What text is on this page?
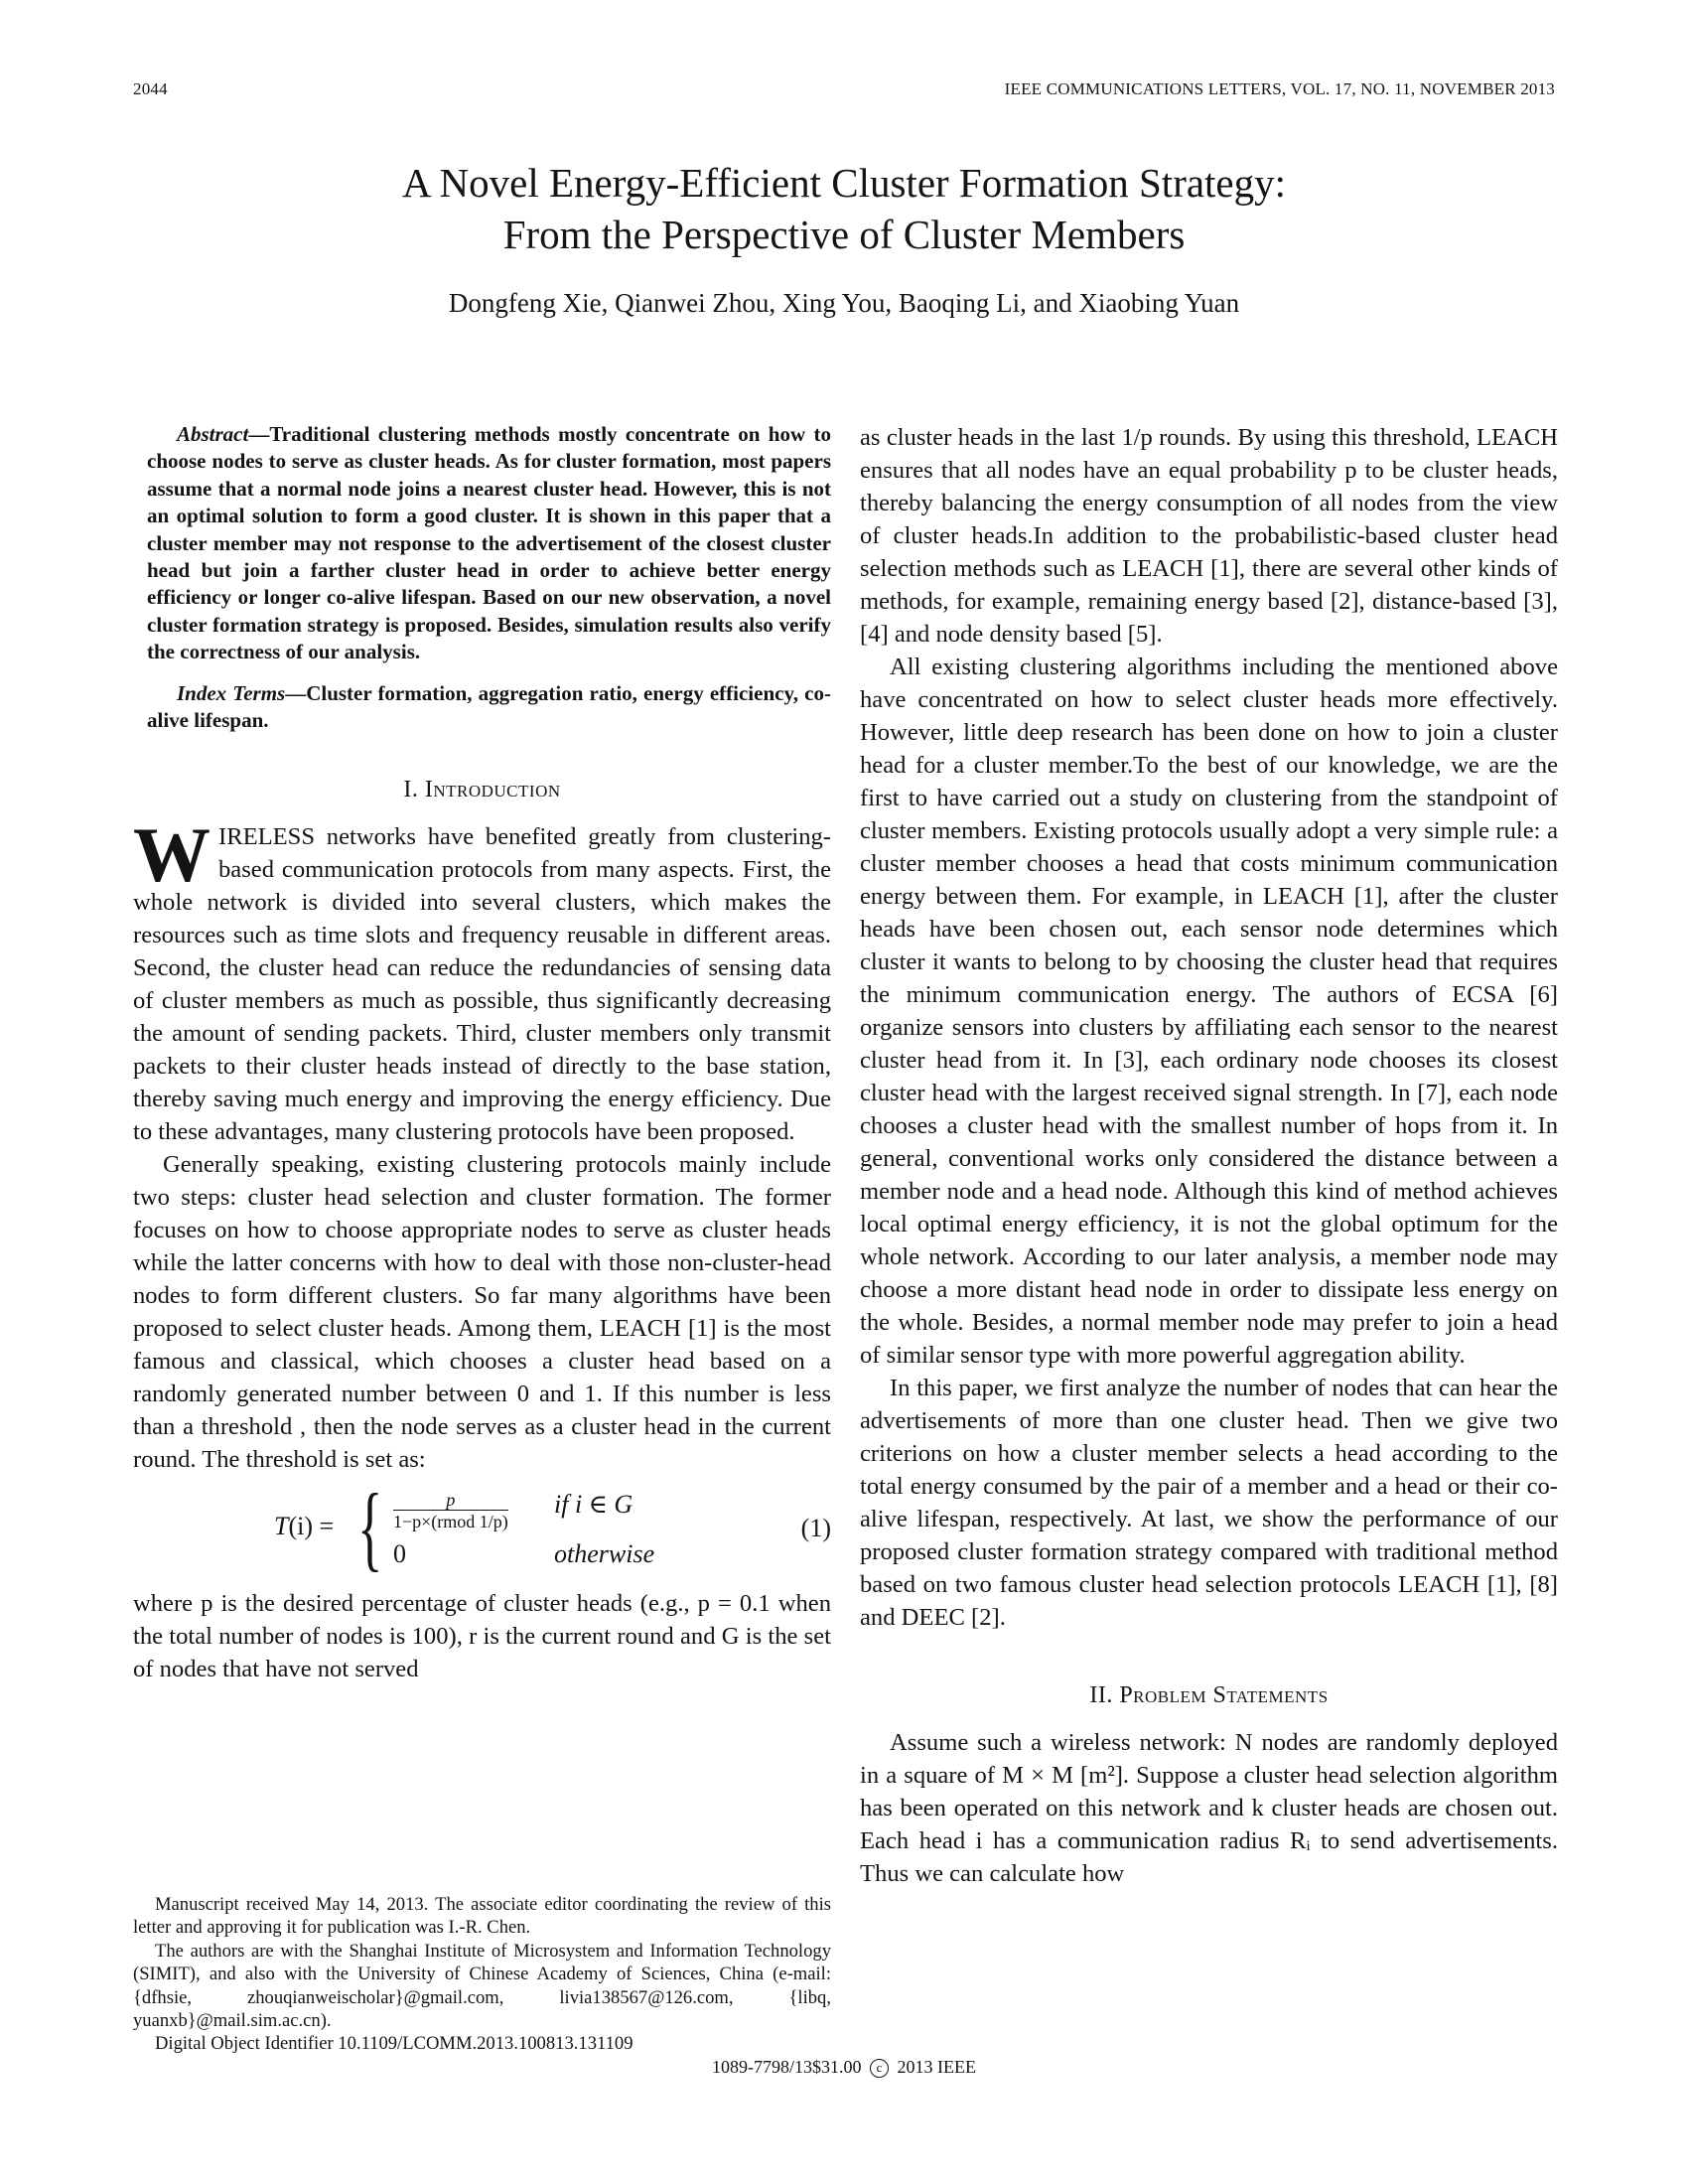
2044	IEEE COMMUNICATIONS LETTERS, VOL. 17, NO. 11, NOVEMBER 2013
A Novel Energy-Efficient Cluster Formation Strategy:
From the Perspective of Cluster Members
Dongfeng Xie, Qianwei Zhou, Xing You, Baoqing Li, and Xiaobing Yuan

Abstract—Traditional clustering methods mostly concentrate on how to choose nodes to serve as cluster heads. As for cluster formation, most papers assume that a normal node joins a nearest cluster head. However, this is not an optimal solution to form a good cluster. It is shown in this paper that a cluster member may not response to the advertisement of the closest cluster head but join a farther cluster head in order to achieve better energy efficiency or longer co-alive lifespan. Based on our new observation, a novel cluster formation strategy is proposed. Besides, simulation results also verify the correctness of our analysis.

Index Terms—Cluster formation, aggregation ratio, energy efficiency, co-alive lifespan.

I. Introduction

WIRELESS networks have benefited greatly from clustering-based communication protocols from many aspects. First, the whole network is divided into several clusters, which makes the resources such as time slots and frequency reusable in different areas. Second, the cluster head can reduce the redundancies of sensing data of cluster members as much as possible, thus significantly decreasing the amount of sending packets. Third, cluster members only transmit packets to their cluster heads instead of directly to the base station, thereby saving much energy and improving the energy efficiency. Due to these advantages, many clustering protocols have been proposed.

Generally speaking, existing clustering protocols mainly include two steps: cluster head selection and cluster formation. The former focuses on how to choose appropriate nodes to serve as cluster heads while the latter concerns with how to deal with those non-cluster-head nodes to form different clusters. So far many algorithms have been proposed to select cluster heads. Among them, LEACH [1] is the most famous and classical, which chooses a cluster head based on a randomly generated number between 0 and 1. If this number is less than a threshold , then the node serves as a cluster head in the current round. The threshold is set as:

T(i) = {	p
1−p×(rmod 1/p)
if i ∈ G
0	otherwise
(1)

where p is the desired percentage of cluster heads (e.g., p = 0.1 when the total number of nodes is 100), r is the current round and G is the set of nodes that have not served

Manuscript received May 14, 2013. The associate editor coordinating the review of this letter and approving it for publication was I.-R. Chen.

The authors are with the Shanghai Institute of Microsystem and Information Technology (SIMIT), and also with the University of Chinese Academy of Sciences, China (e-mail: {dfhsie, zhouqianweischolar}@gmail.com, livia138567@126.com, {libq, yuanxb}@mail.sim.ac.cn).

Digital Object Identifier 10.1109/LCOMM.2013.100813.131109

as cluster heads in the last 1/p rounds. By using this threshold, LEACH ensures that all nodes have an equal probability p to be cluster heads, thereby balancing the energy consumption of all nodes from the view of cluster heads.In addition to the probabilistic-based cluster head selection methods such as LEACH [1], there are several other kinds of methods, for example, remaining energy based [2], distance-based [3], [4] and node density based [5].

All existing clustering algorithms including the mentioned above have concentrated on how to select cluster heads more effectively. However, little deep research has been done on how to join a cluster head for a cluster member.To the best of our knowledge, we are the first to have carried out a study on clustering from the standpoint of cluster members. Existing protocols usually adopt a very simple rule: a cluster member chooses a head that costs minimum communication energy between them. For example, in LEACH [1], after the cluster heads have been chosen out, each sensor node determines which cluster it wants to belong to by choosing the cluster head that requires the minimum communication energy. The authors of ECSA [6] organize sensors into clusters by affiliating each sensor to the nearest cluster head from it. In [3], each ordinary node chooses its closest cluster head with the largest received signal strength. In [7], each node chooses a cluster head with the smallest number of hops from it. In general, conventional works only considered the distance between a member node and a head node. Although this kind of method achieves local optimal energy efficiency, it is not the global optimum for the whole network. According to our later analysis, a member node may choose a more distant head node in order to dissipate less energy on the whole. Besides, a normal member node may prefer to join a head of similar sensor type with more powerful aggregation ability.

In this paper, we first analyze the number of nodes that can hear the advertisements of more than one cluster head. Then we give two criterions on how a cluster member selects a head according to the total energy consumed by the pair of a member and a head or their co-alive lifespan, respectively. At last, we show the performance of our proposed cluster formation strategy compared with traditional method based on two famous cluster head selection protocols LEACH [1], [8] and DEEC [2].

II. Problem Statements

Assume such a wireless network: N nodes are randomly deployed in a square of M × M [m²]. Suppose a cluster head selection algorithm has been operated on this network and k cluster heads are chosen out. Each head i has a communication radius Rᵢ to send advertisements. Thus we can calculate how

1089-7798/13$31.00 c 2013 IEEE
